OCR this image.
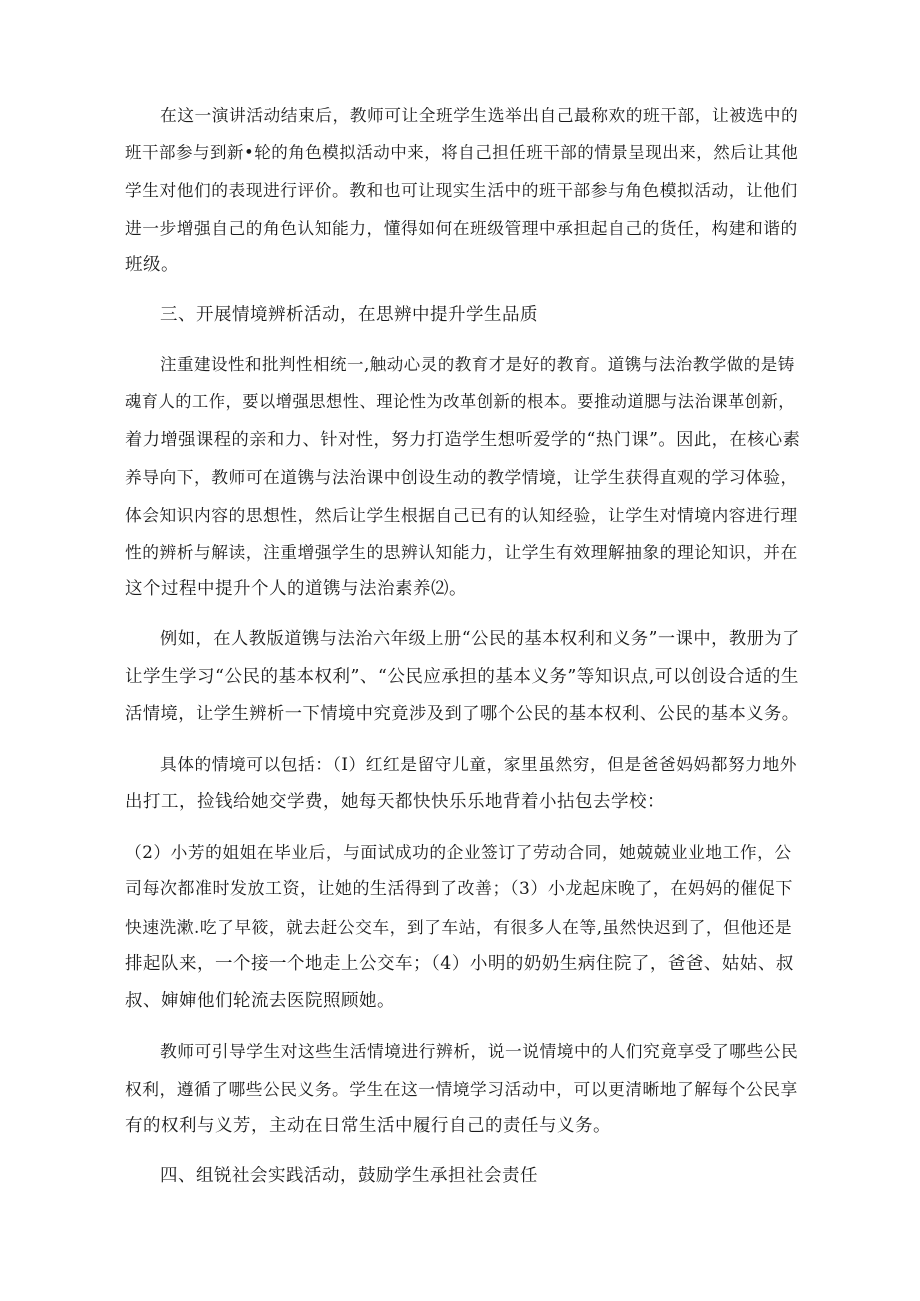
在这一演讲活动结束后，教师可让全班学生选举出自己最称欢的班干部，让被选中的
班干部参与到新•轮的角色模拟活动中来，将自己担任班干部的情景呈现出来，然后让其他
学生对他们的表现进行评价。教和也可让现实生活中的班干部参与角色模拟活动，让他们
进一步增强自己的角色认知能力，懂得如何在班级管理中承担起自己的货任，构建和谐的
班级。
三、开展情境辨析活动，在思辨中提升学生品质
注重建设性和批判性相统一,触动心灵的教育才是好的教育。道镌与法治教学做的是铸
魂育人的工作，要以增强思想性、理论性为改革创新的根本。要推动道腮与法治课革创新，
着力增强课程的亲和力、针对性，努力打造学生想听爱学的“热门课”。因此，在核心素
养导向下，教师可在道镌与法治课中创设生动的教学情境，让学生获得直观的学习体验，
体会知识内容的思想性，然后让学生根据自己已有的认知经验，让学生对情境内容进行理
性的辨析与解读，注重增强学生的思辨认知能力，让学生有效理解抽象的理论知识，并在
这个过程中提升个人的道镌与法治素养⑵。
例如，在人教版道镌与法治六年级上册“公民的基本权利和义务”一课中，教册为了
让学生学习“公民的基本权利”、“公民应承担的基本义务”等知识点,可以创设合适的生
活情境，让学生辨析一下情境中究竟涉及到了哪个公民的基本权利、公民的基本义务。
具体的情境可以包括：（I）红红是留守儿童，家里虽然穷，但是爸爸妈妈都努力地外
出打工，捡钱给她交学费，她每天都快快乐乐地背着小拈包去学校：
（2）小芳的姐姐在毕业后，与面试成功的企业签订了劳动合同，她兢兢业业地工作，公
司每次都准时发放工资，让她的生活得到了改善；（3）小龙起床晚了，在妈妈的催促下
快速洗漱.吃了早筱，就去赶公交车，到了车站，有很多人在等,虽然快迟到了，但他还是
排起队来，一个接一个地走上公交车；（4）小明的奶奶生病住院了，爸爸、姑姑、叔
叔、婶婶他们轮流去医院照顾她。
教师可引导学生对这些生活情境进行辨析，说一说情境中的人们究竟享受了哪些公民
权利，遵循了哪些公民义务。学生在这一情境学习活动中，可以更清晰地了解每个公民享
有的权利与义芳，主动在日常生活中履行自己的责任与义务。
四、组锐社会实践活动，鼓励学生承担社会责任
